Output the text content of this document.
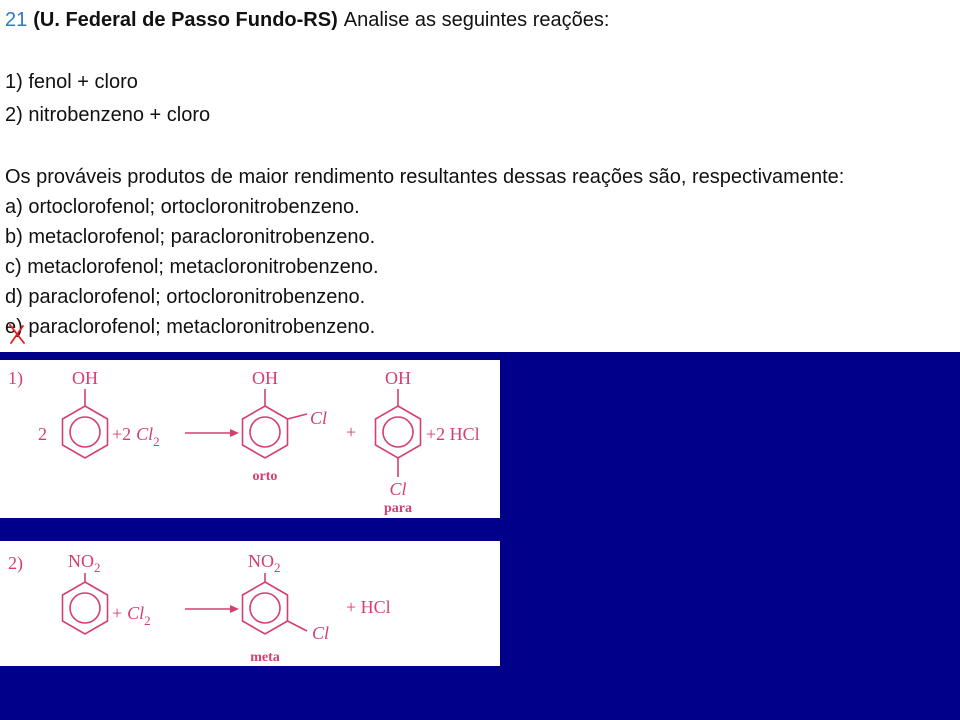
21 (U. Federal de Passo Fundo-RS) Analise as seguintes reações:
1) fenol + cloro
2) nitrobenzeno + cloro
Os prováveis produtos de maior rendimento resultantes dessas reações são, respectivamente:
a) ortoclorofenol; ortocloronitrobenzeno.
b) metaclorofenol; paracloronitrobenzeno.
c) metaclorofenol; metacloronitrobenzeno.
d) paraclorofenol; ortocloronitrobenzeno.
e) paraclorofenol; metacloronitrobenzeno.
1)	OH
2	+2 $Cl_2$
OH
Cl
orto
+
OH
Cl
para
+2 HCl
2)	$NO_2$
+ $Cl_2$
$NO_2$
Cl
meta
+ HCl
